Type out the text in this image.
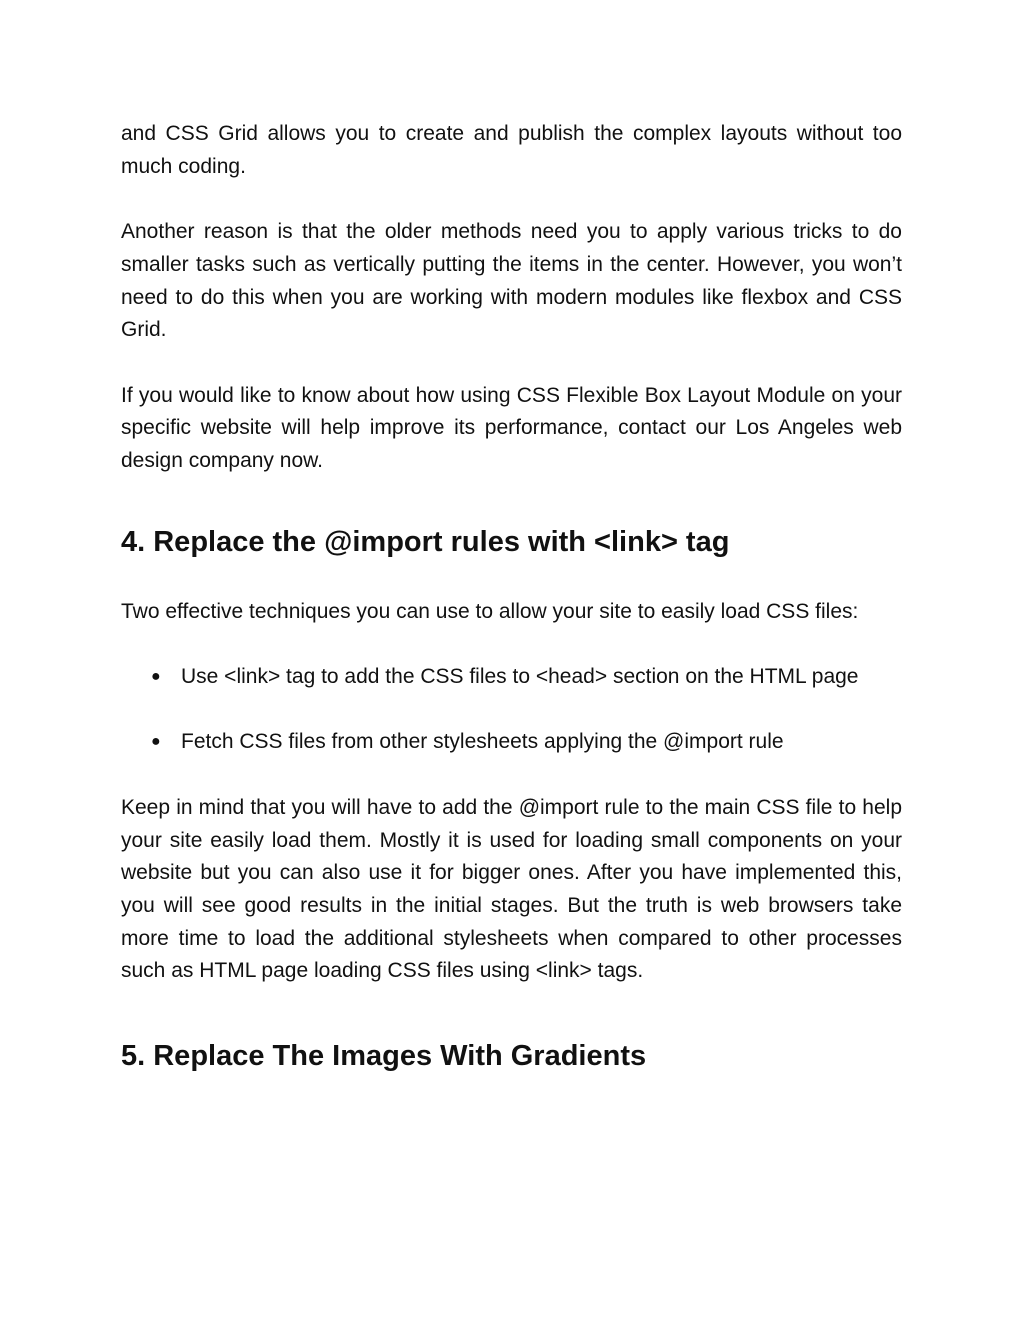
and CSS Grid allows you to create and publish the complex layouts without too much coding.

Another reason is that the older methods need you to apply various tricks to do smaller tasks such as vertically putting the items in the center. However, you won’t need to do this when you are working with modern modules like flexbox and CSS Grid.

If you would like to know about how using CSS Flexible Box Layout Module on your specific website will help improve its performance, contact our Los Angeles web design company now.

4. Replace the @import rules with <link> tag

Two effective techniques you can use to allow your site to easily load CSS files:

● Use <link> tag to add the CSS files to <head> section on the HTML page
● Fetch CSS files from other stylesheets applying the @import rule

Keep in mind that you will have to add the @import rule to the main CSS file to help your site easily load them. Mostly it is used for loading small components on your website but you can also use it for bigger ones. After you have implemented this, you will see good results in the initial stages. But the truth is web browsers take more time to load the additional stylesheets when compared to other processes such as HTML page loading CSS files using <link> tags.

5. Replace The Images With Gradients
